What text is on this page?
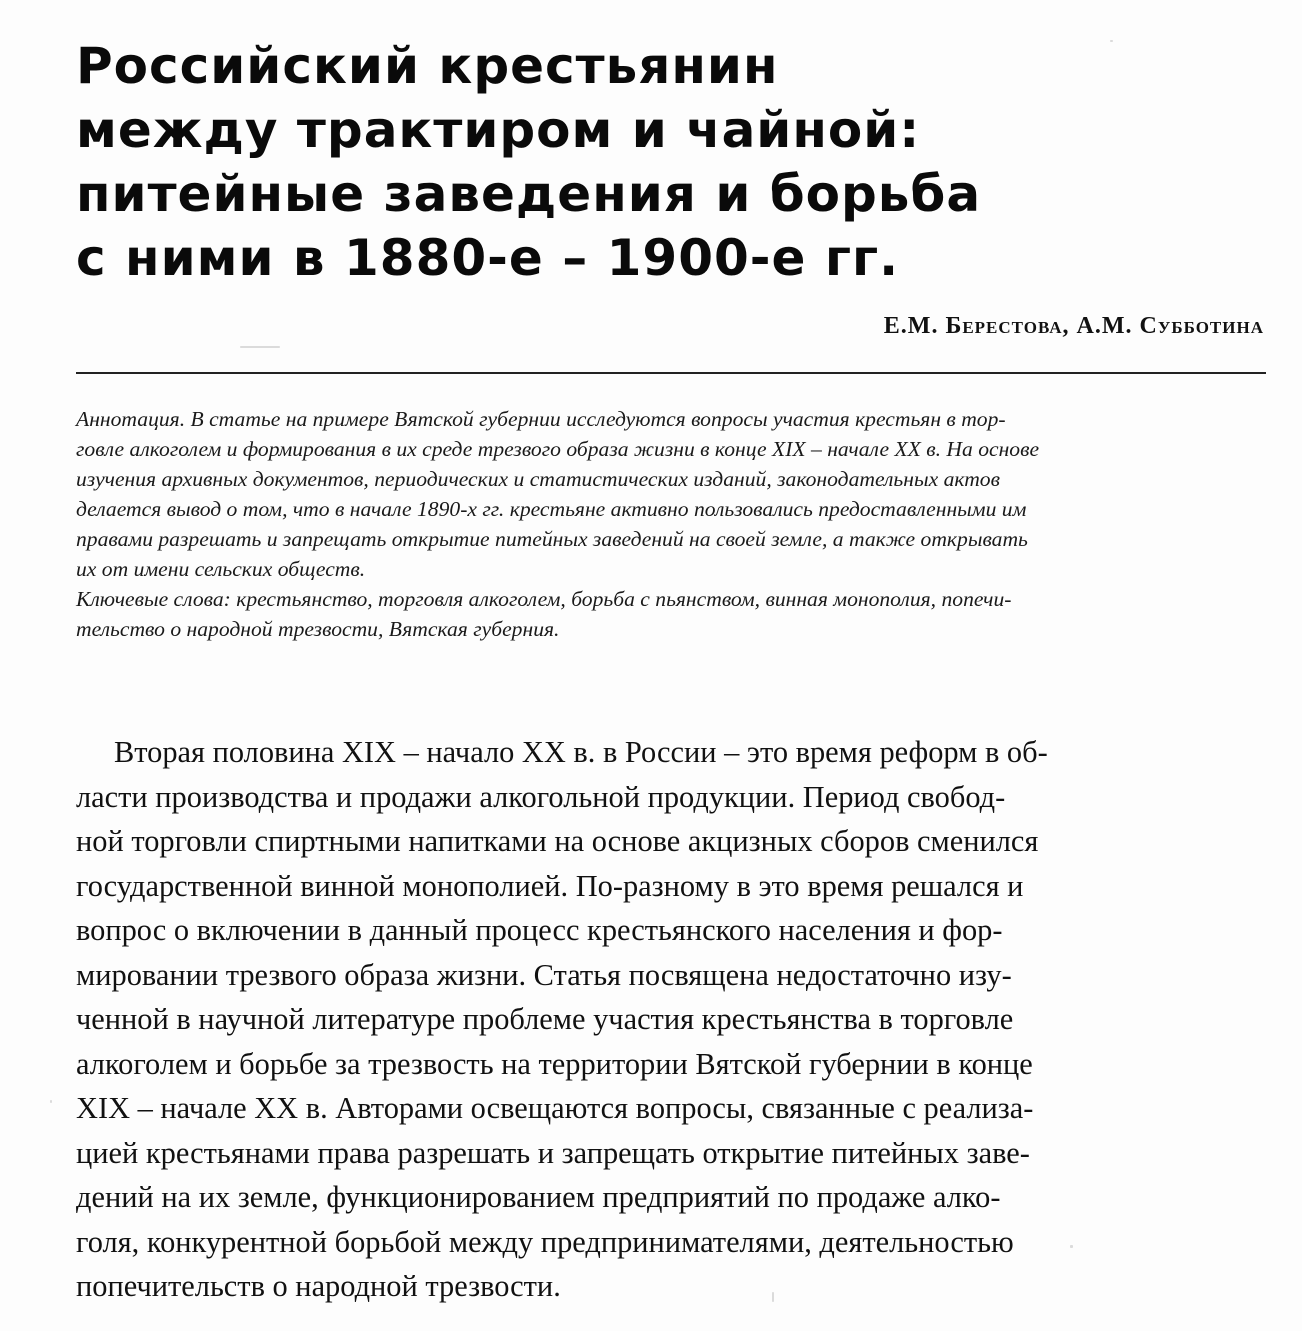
Российский крестьянин
между трактиром и чайной:
питейные заведения и борьба
с ними в 1880-е – 1900-е гг.
Е.М. Берестова, А.М. Субботина
Аннотация. В статье на примере Вятской губернии исследуются вопросы участия крестьян в тор-
говле алкоголем и формирования в их среде трезвого образа жизни в конце XIX – начале XX в. На основе
изучения архивных документов, периодических и статистических изданий, законодательных актов
делается вывод о том, что в начале 1890-х гг. крестьяне активно пользовались предоставленными им
правами разрешать и запрещать открытие питейных заведений на своей земле, а также открывать
их от имени сельских обществ.
Ключевые слова: крестьянство, торговля алкоголем, борьба с пьянством, винная монополия, попечи-
тельство о народной трезвости, Вятская губерния.
Вторая половина XIX – начало XX в. в России – это время реформ в об-
ласти производства и продажи алкогольной продукции. Период свобод-
ной торговли спиртными напитками на основе акцизных сборов сменился
государственной винной монополией. По-разному в это время решался и
вопрос о включении в данный процесс крестьянского населения и фор-
мировании трезвого образа жизни. Статья посвящена недостаточно изу-
ченной в научной литературе проблеме участия крестьянства в торговле
алкоголем и борьбе за трезвость на территории Вятской губернии в конце
XIX – начале XX в. Авторами освещаются вопросы, связанные с реализа-
цией крестьянами права разрешать и запрещать открытие питейных заве-
дений на их земле, функционированием предприятий по продаже алко-
голя, конкурентной борьбой между предпринимателями, деятельностью
попечительств о народной трезвости.
